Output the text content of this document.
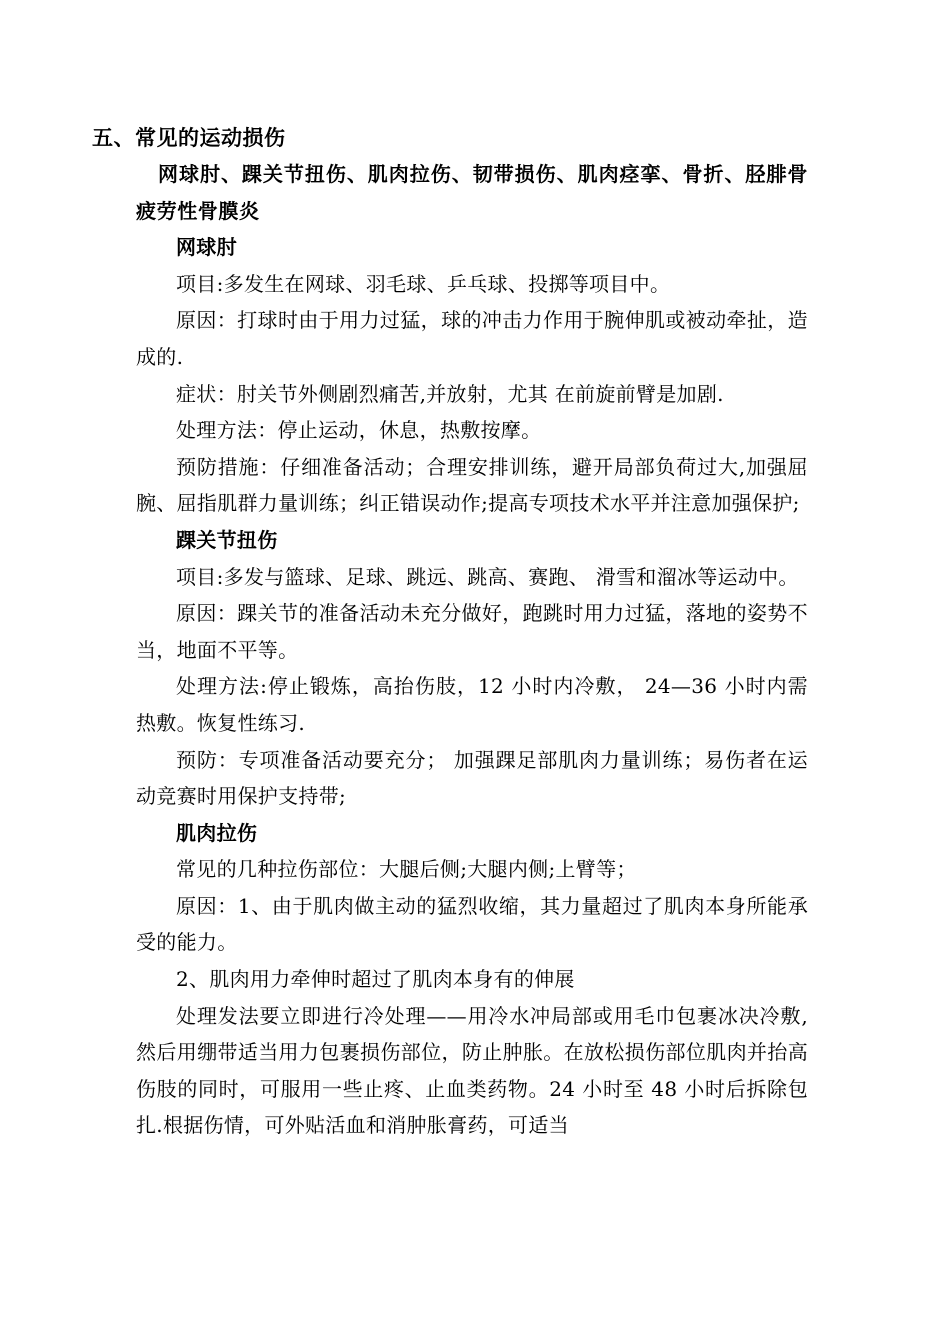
五、常见的运动损伤

网球肘、踝关节扭伤、肌肉拉伤、韧带损伤、肌肉痉挛、骨折、胫腓骨疲劳性骨膜炎

网球肘

项目:多发生在网球、羽毛球、乒乓球、投掷等项目中。

原因：打球时由于用力过猛，球的冲击力作用于腕伸肌或被动牵扯，造成的.

症状：肘关节外侧剧烈痛苦,并放射，尤其 在前旋前臂是加剧.

处理方法：停止运动，休息，热敷按摩。

预防措施：仔细准备活动；合理安排训练，避开局部负荷过大,加强屈腕、屈指肌群力量训练；纠正错误动作;提高专项技术水平并注意加强保护;

踝关节扭伤

项目:多发与篮球、足球、跳远、跳高、赛跑、 滑雪和溜冰等运动中。

原因：踝关节的准备活动未充分做好，跑跳时用力过猛，落地的姿势不当，地面不平等。

处理方法:停止锻炼，高抬伤肢，12 小时内冷敷， 24—36 小时内需热敷。恢复性练习.

预防：专项准备活动要充分； 加强踝足部肌肉力量训练；易伤者在运动竞赛时用保护支持带;

肌肉拉伤

常见的几种拉伤部位：大腿后侧;大腿内侧;上臂等；

原因：1、由于肌肉做主动的猛烈收缩，其力量超过了肌肉本身所能承受的能力。

2、肌肉用力牵伸时超过了肌肉本身有的伸展

处理发法要立即进行冷处理——用冷水冲局部或用毛巾包裹冰决冷敷,然后用绷带适当用力包裹损伤部位，防止肿胀。在放松损伤部位肌肉并抬高伤肢的同时，可服用一些止疼、止血类药物。24 小时至 48 小时后拆除包扎.根据伤情，可外贴活血和消肿胀膏药，可适当
